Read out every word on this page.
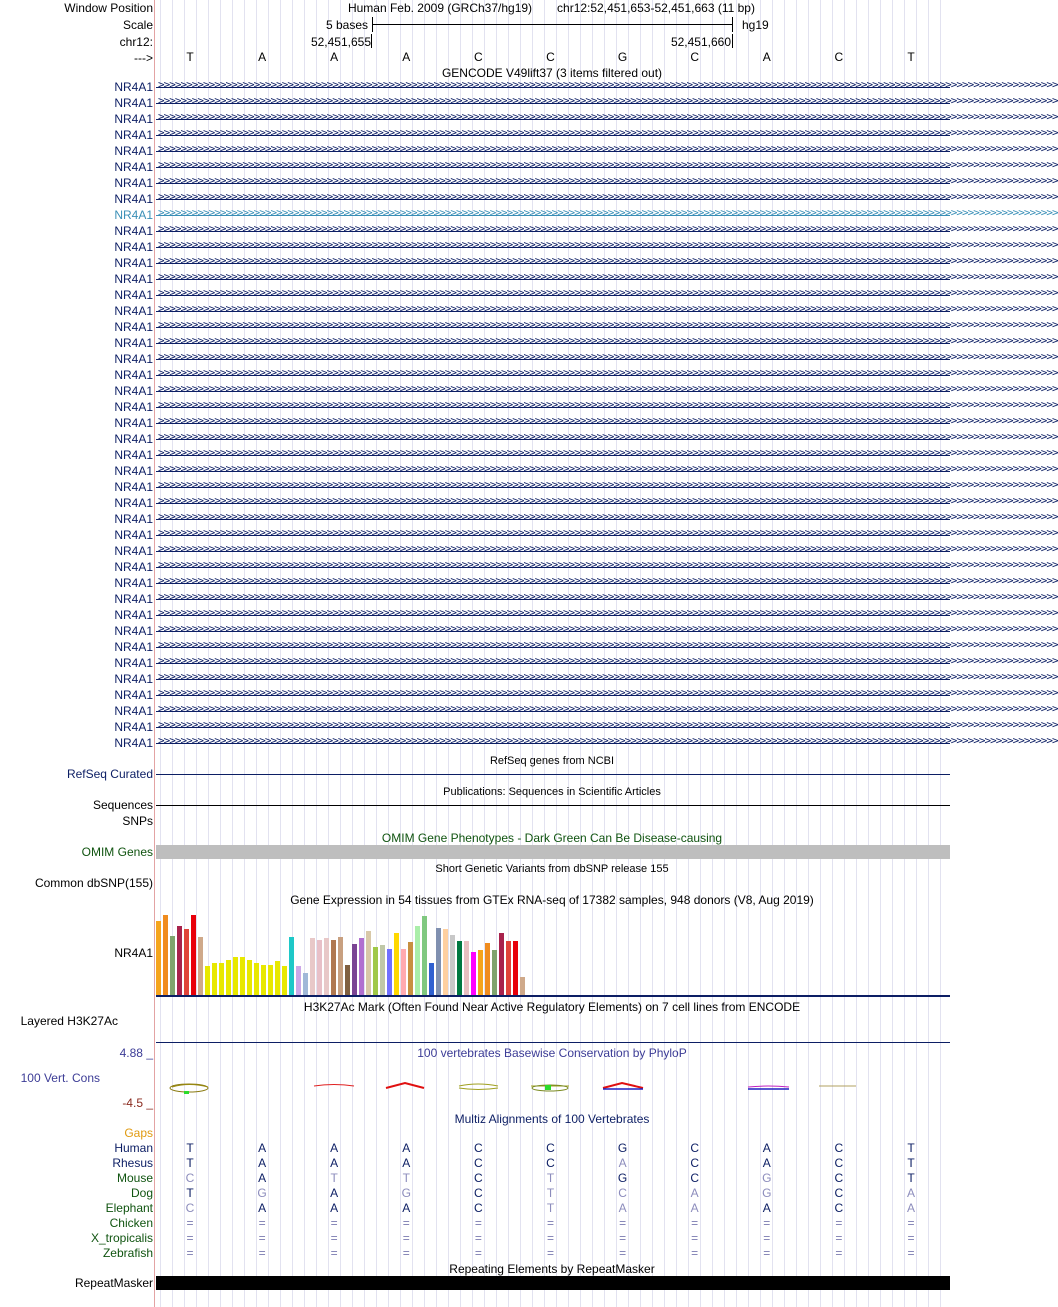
Window Position
Scale
chr12:
--->
Human Feb. 2009 (GRCh37/hg19) chr12:52,451,653-52,451,663 (11 bp)
5 bases	hg19
52,451,655	52,451,660
T	A	A	A	C	C	G	C	A	C	T
GENCODE V49lift37 (3 items filtered out)
NR4A1 >>>>>>>>>>>>>>>>>>>>>>>>>>>>>>>>>>>>>>>>>>>>>>>>>>>>>>>>>>>>>>>>>>>>>>>>>>>>>>>>>>>>>>>>>>>>>>>>>>>>>>>>>>>>>>>>>>>>>>>>>>>>>>>>>>>>>>>>>>>>>>>>>>>>>>>>>>>>>>>>
NR4A1 >>>>>>>>>>>>>>>>>>>>>>>>>>>>>>>>>>>>>>>>>>>>>>>>>>>>>>>>>>>>>>>>>>>>>>>>>>>>>>>>>>>>>>>>>>>>>>>>>>>>>>>>>>>>>>>>>>>>>>>>>>>>>>>>>>>>>>>>>>>>>>>>>>>>>>>>>>>>>>>>
NR4A1 >>>>>>>>>>>>>>>>>>>>>>>>>>>>>>>>>>>>>>>>>>>>>>>>>>>>>>>>>>>>>>>>>>>>>>>>>>>>>>>>>>>>>>>>>>>>>>>>>>>>>>>>>>>>>>>>>>>>>>>>>>>>>>>>>>>>>>>>>>>>>>>>>>>>>>>>>>>>>>>>
NR4A1 >>>>>>>>>>>>>>>>>>>>>>>>>>>>>>>>>>>>>>>>>>>>>>>>>>>>>>>>>>>>>>>>>>>>>>>>>>>>>>>>>>>>>>>>>>>>>>>>>>>>>>>>>>>>>>>>>>>>>>>>>>>>>>>>>>>>>>>>>>>>>>>>>>>>>>>>>>>>>>>>
NR4A1 >>>>>>>>>>>>>>>>>>>>>>>>>>>>>>>>>>>>>>>>>>>>>>>>>>>>>>>>>>>>>>>>>>>>>>>>>>>>>>>>>>>>>>>>>>>>>>>>>>>>>>>>>>>>>>>>>>>>>>>>>>>>>>>>>>>>>>>>>>>>>>>>>>>>>>>>>>>>>>>>
NR4A1 >>>>>>>>>>>>>>>>>>>>>>>>>>>>>>>>>>>>>>>>>>>>>>>>>>>>>>>>>>>>>>>>>>>>>>>>>>>>>>>>>>>>>>>>>>>>>>>>>>>>>>>>>>>>>>>>>>>>>>>>>>>>>>>>>>>>>>>>>>>>>>>>>>>>>>>>>>>>>>>>
NR4A1 >>>>>>>>>>>>>>>>>>>>>>>>>>>>>>>>>>>>>>>>>>>>>>>>>>>>>>>>>>>>>>>>>>>>>>>>>>>>>>>>>>>>>>>>>>>>>>>>>>>>>>>>>>>>>>>>>>>>>>>>>>>>>>>>>>>>>>>>>>>>>>>>>>>>>>>>>>>>>>>>
NR4A1 >>>>>>>>>>>>>>>>>>>>>>>>>>>>>>>>>>>>>>>>>>>>>>>>>>>>>>>>>>>>>>>>>>>>>>>>>>>>>>>>>>>>>>>>>>>>>>>>>>>>>>>>>>>>>>>>>>>>>>>>>>>>>>>>>>>>>>>>>>>>>>>>>>>>>>>>>>>>>>>>
NR4A1 >>>>>>>>>>>>>>>>>>>>>>>>>>>>>>>>>>>>>>>>>>>>>>>>>>>>>>>>>>>>>>>>>>>>>>>>>>>>>>>>>>>>>>>>>>>>>>>>>>>>>>>>>>>>>>>>>>>>>>>>>>>>>>>>>>>>>>>>>>>>>>>>>>>>>>>>>>>>>>>>
NR4A1 >>>>>>>>>>>>>>>>>>>>>>>>>>>>>>>>>>>>>>>>>>>>>>>>>>>>>>>>>>>>>>>>>>>>>>>>>>>>>>>>>>>>>>>>>>>>>>>>>>>>>>>>>>>>>>>>>>>>>>>>>>>>>>>>>>>>>>>>>>>>>>>>>>>>>>>>>>>>>>>>
NR4A1 >>>>>>>>>>>>>>>>>>>>>>>>>>>>>>>>>>>>>>>>>>>>>>>>>>>>>>>>>>>>>>>>>>>>>>>>>>>>>>>>>>>>>>>>>>>>>>>>>>>>>>>>>>>>>>>>>>>>>>>>>>>>>>>>>>>>>>>>>>>>>>>>>>>>>>>>>>>>>>>>
NR4A1 >>>>>>>>>>>>>>>>>>>>>>>>>>>>>>>>>>>>>>>>>>>>>>>>>>>>>>>>>>>>>>>>>>>>>>>>>>>>>>>>>>>>>>>>>>>>>>>>>>>>>>>>>>>>>>>>>>>>>>>>>>>>>>>>>>>>>>>>>>>>>>>>>>>>>>>>>>>>>>>>
NR4A1 >>>>>>>>>>>>>>>>>>>>>>>>>>>>>>>>>>>>>>>>>>>>>>>>>>>>>>>>>>>>>>>>>>>>>>>>>>>>>>>>>>>>>>>>>>>>>>>>>>>>>>>>>>>>>>>>>>>>>>>>>>>>>>>>>>>>>>>>>>>>>>>>>>>>>>>>>>>>>>>>
NR4A1 >>>>>>>>>>>>>>>>>>>>>>>>>>>>>>>>>>>>>>>>>>>>>>>>>>>>>>>>>>>>>>>>>>>>>>>>>>>>>>>>>>>>>>>>>>>>>>>>>>>>>>>>>>>>>>>>>>>>>>>>>>>>>>>>>>>>>>>>>>>>>>>>>>>>>>>>>>>>>>>>
NR4A1 >>>>>>>>>>>>>>>>>>>>>>>>>>>>>>>>>>>>>>>>>>>>>>>>>>>>>>>>>>>>>>>>>>>>>>>>>>>>>>>>>>>>>>>>>>>>>>>>>>>>>>>>>>>>>>>>>>>>>>>>>>>>>>>>>>>>>>>>>>>>>>>>>>>>>>>>>>>>>>>>
NR4A1 >>>>>>>>>>>>>>>>>>>>>>>>>>>>>>>>>>>>>>>>>>>>>>>>>>>>>>>>>>>>>>>>>>>>>>>>>>>>>>>>>>>>>>>>>>>>>>>>>>>>>>>>>>>>>>>>>>>>>>>>>>>>>>>>>>>>>>>>>>>>>>>>>>>>>>>>>>>>>>>>
NR4A1 >>>>>>>>>>>>>>>>>>>>>>>>>>>>>>>>>>>>>>>>>>>>>>>>>>>>>>>>>>>>>>>>>>>>>>>>>>>>>>>>>>>>>>>>>>>>>>>>>>>>>>>>>>>>>>>>>>>>>>>>>>>>>>>>>>>>>>>>>>>>>>>>>>>>>>>>>>>>>>>>
NR4A1 >>>>>>>>>>>>>>>>>>>>>>>>>>>>>>>>>>>>>>>>>>>>>>>>>>>>>>>>>>>>>>>>>>>>>>>>>>>>>>>>>>>>>>>>>>>>>>>>>>>>>>>>>>>>>>>>>>>>>>>>>>>>>>>>>>>>>>>>>>>>>>>>>>>>>>>>>>>>>>>>
NR4A1 >>>>>>>>>>>>>>>>>>>>>>>>>>>>>>>>>>>>>>>>>>>>>>>>>>>>>>>>>>>>>>>>>>>>>>>>>>>>>>>>>>>>>>>>>>>>>>>>>>>>>>>>>>>>>>>>>>>>>>>>>>>>>>>>>>>>>>>>>>>>>>>>>>>>>>>>>>>>>>>>
NR4A1 >>>>>>>>>>>>>>>>>>>>>>>>>>>>>>>>>>>>>>>>>>>>>>>>>>>>>>>>>>>>>>>>>>>>>>>>>>>>>>>>>>>>>>>>>>>>>>>>>>>>>>>>>>>>>>>>>>>>>>>>>>>>>>>>>>>>>>>>>>>>>>>>>>>>>>>>>>>>>>>>
NR4A1 >>>>>>>>>>>>>>>>>>>>>>>>>>>>>>>>>>>>>>>>>>>>>>>>>>>>>>>>>>>>>>>>>>>>>>>>>>>>>>>>>>>>>>>>>>>>>>>>>>>>>>>>>>>>>>>>>>>>>>>>>>>>>>>>>>>>>>>>>>>>>>>>>>>>>>>>>>>>>>>>
NR4A1 >>>>>>>>>>>>>>>>>>>>>>>>>>>>>>>>>>>>>>>>>>>>>>>>>>>>>>>>>>>>>>>>>>>>>>>>>>>>>>>>>>>>>>>>>>>>>>>>>>>>>>>>>>>>>>>>>>>>>>>>>>>>>>>>>>>>>>>>>>>>>>>>>>>>>>>>>>>>>>>>
NR4A1 >>>>>>>>>>>>>>>>>>>>>>>>>>>>>>>>>>>>>>>>>>>>>>>>>>>>>>>>>>>>>>>>>>>>>>>>>>>>>>>>>>>>>>>>>>>>>>>>>>>>>>>>>>>>>>>>>>>>>>>>>>>>>>>>>>>>>>>>>>>>>>>>>>>>>>>>>>>>>>>>
NR4A1 >>>>>>>>>>>>>>>>>>>>>>>>>>>>>>>>>>>>>>>>>>>>>>>>>>>>>>>>>>>>>>>>>>>>>>>>>>>>>>>>>>>>>>>>>>>>>>>>>>>>>>>>>>>>>>>>>>>>>>>>>>>>>>>>>>>>>>>>>>>>>>>>>>>>>>>>>>>>>>>>
NR4A1 >>>>>>>>>>>>>>>>>>>>>>>>>>>>>>>>>>>>>>>>>>>>>>>>>>>>>>>>>>>>>>>>>>>>>>>>>>>>>>>>>>>>>>>>>>>>>>>>>>>>>>>>>>>>>>>>>>>>>>>>>>>>>>>>>>>>>>>>>>>>>>>>>>>>>>>>>>>>>>>>
NR4A1 >>>>>>>>>>>>>>>>>>>>>>>>>>>>>>>>>>>>>>>>>>>>>>>>>>>>>>>>>>>>>>>>>>>>>>>>>>>>>>>>>>>>>>>>>>>>>>>>>>>>>>>>>>>>>>>>>>>>>>>>>>>>>>>>>>>>>>>>>>>>>>>>>>>>>>>>>>>>>>>>
NR4A1 >>>>>>>>>>>>>>>>>>>>>>>>>>>>>>>>>>>>>>>>>>>>>>>>>>>>>>>>>>>>>>>>>>>>>>>>>>>>>>>>>>>>>>>>>>>>>>>>>>>>>>>>>>>>>>>>>>>>>>>>>>>>>>>>>>>>>>>>>>>>>>>>>>>>>>>>>>>>>>>>
NR4A1 >>>>>>>>>>>>>>>>>>>>>>>>>>>>>>>>>>>>>>>>>>>>>>>>>>>>>>>>>>>>>>>>>>>>>>>>>>>>>>>>>>>>>>>>>>>>>>>>>>>>>>>>>>>>>>>>>>>>>>>>>>>>>>>>>>>>>>>>>>>>>>>>>>>>>>>>>>>>>>>>
NR4A1 >>>>>>>>>>>>>>>>>>>>>>>>>>>>>>>>>>>>>>>>>>>>>>>>>>>>>>>>>>>>>>>>>>>>>>>>>>>>>>>>>>>>>>>>>>>>>>>>>>>>>>>>>>>>>>>>>>>>>>>>>>>>>>>>>>>>>>>>>>>>>>>>>>>>>>>>>>>>>>>>
NR4A1 >>>>>>>>>>>>>>>>>>>>>>>>>>>>>>>>>>>>>>>>>>>>>>>>>>>>>>>>>>>>>>>>>>>>>>>>>>>>>>>>>>>>>>>>>>>>>>>>>>>>>>>>>>>>>>>>>>>>>>>>>>>>>>>>>>>>>>>>>>>>>>>>>>>>>>>>>>>>>>>>
NR4A1 >>>>>>>>>>>>>>>>>>>>>>>>>>>>>>>>>>>>>>>>>>>>>>>>>>>>>>>>>>>>>>>>>>>>>>>>>>>>>>>>>>>>>>>>>>>>>>>>>>>>>>>>>>>>>>>>>>>>>>>>>>>>>>>>>>>>>>>>>>>>>>>>>>>>>>>>>>>>>>>>
NR4A1 >>>>>>>>>>>>>>>>>>>>>>>>>>>>>>>>>>>>>>>>>>>>>>>>>>>>>>>>>>>>>>>>>>>>>>>>>>>>>>>>>>>>>>>>>>>>>>>>>>>>>>>>>>>>>>>>>>>>>>>>>>>>>>>>>>>>>>>>>>>>>>>>>>>>>>>>>>>>>>>>
NR4A1 >>>>>>>>>>>>>>>>>>>>>>>>>>>>>>>>>>>>>>>>>>>>>>>>>>>>>>>>>>>>>>>>>>>>>>>>>>>>>>>>>>>>>>>>>>>>>>>>>>>>>>>>>>>>>>>>>>>>>>>>>>>>>>>>>>>>>>>>>>>>>>>>>>>>>>>>>>>>>>>>
NR4A1 >>>>>>>>>>>>>>>>>>>>>>>>>>>>>>>>>>>>>>>>>>>>>>>>>>>>>>>>>>>>>>>>>>>>>>>>>>>>>>>>>>>>>>>>>>>>>>>>>>>>>>>>>>>>>>>>>>>>>>>>>>>>>>>>>>>>>>>>>>>>>>>>>>>>>>>>>>>>>>>>
NR4A1 >>>>>>>>>>>>>>>>>>>>>>>>>>>>>>>>>>>>>>>>>>>>>>>>>>>>>>>>>>>>>>>>>>>>>>>>>>>>>>>>>>>>>>>>>>>>>>>>>>>>>>>>>>>>>>>>>>>>>>>>>>>>>>>>>>>>>>>>>>>>>>>>>>>>>>>>>>>>>>>>
NR4A1 >>>>>>>>>>>>>>>>>>>>>>>>>>>>>>>>>>>>>>>>>>>>>>>>>>>>>>>>>>>>>>>>>>>>>>>>>>>>>>>>>>>>>>>>>>>>>>>>>>>>>>>>>>>>>>>>>>>>>>>>>>>>>>>>>>>>>>>>>>>>>>>>>>>>>>>>>>>>>>>>
NR4A1 >>>>>>>>>>>>>>>>>>>>>>>>>>>>>>>>>>>>>>>>>>>>>>>>>>>>>>>>>>>>>>>>>>>>>>>>>>>>>>>>>>>>>>>>>>>>>>>>>>>>>>>>>>>>>>>>>>>>>>>>>>>>>>>>>>>>>>>>>>>>>>>>>>>>>>>>>>>>>>>>
NR4A1 >>>>>>>>>>>>>>>>>>>>>>>>>>>>>>>>>>>>>>>>>>>>>>>>>>>>>>>>>>>>>>>>>>>>>>>>>>>>>>>>>>>>>>>>>>>>>>>>>>>>>>>>>>>>>>>>>>>>>>>>>>>>>>>>>>>>>>>>>>>>>>>>>>>>>>>>>>>>>>>>
NR4A1 >>>>>>>>>>>>>>>>>>>>>>>>>>>>>>>>>>>>>>>>>>>>>>>>>>>>>>>>>>>>>>>>>>>>>>>>>>>>>>>>>>>>>>>>>>>>>>>>>>>>>>>>>>>>>>>>>>>>>>>>>>>>>>>>>>>>>>>>>>>>>>>>>>>>>>>>>>>>>>>>
NR4A1 >>>>>>>>>>>>>>>>>>>>>>>>>>>>>>>>>>>>>>>>>>>>>>>>>>>>>>>>>>>>>>>>>>>>>>>>>>>>>>>>>>>>>>>>>>>>>>>>>>>>>>>>>>>>>>>>>>>>>>>>>>>>>>>>>>>>>>>>>>>>>>>>>>>>>>>>>>>>>>>>
NR4A1 >>>>>>>>>>>>>>>>>>>>>>>>>>>>>>>>>>>>>>>>>>>>>>>>>>>>>>>>>>>>>>>>>>>>>>>>>>>>>>>>>>>>>>>>>>>>>>>>>>>>>>>>>>>>>>>>>>>>>>>>>>>>>>>>>>>>>>>>>>>>>>>>>>>>>>>>>>>>>>>>
NR4A1 >>>>>>>>>>>>>>>>>>>>>>>>>>>>>>>>>>>>>>>>>>>>>>>>>>>>>>>>>>>>>>>>>>>>>>>>>>>>>>>>>>>>>>>>>>>>>>>>>>>>>>>>>>>>>>>>>>>>>>>>>>>>>>>>>>>>>>>>>>>>>>>>>>>>>>>>>>>>>>>>
RefSeq genes from NCBI
RefSeq Curated
Publications: Sequences in Scientific Articles
Sequences
SNPs
OMIM Gene Phenotypes - Dark Green Can Be Disease-causing
OMIM Genes
Short Genetic Variants from dbSNP release 155
Common dbSNP(155)
Gene Expression in 54 tissues from GTEx RNA-seq of 17382 samples, 948 donors (V8, Aug 2019)
NR4A1
H3K27Ac Mark (Often Found Near Active Regulatory Elements) on 7 cell lines from ENCODE
Layered H3K27Ac
100 vertebrates Basewise Conservation by PhyloP
4.88 _
100 Vert. Cons
-4.5 _
Multiz Alignments of 100 Vertebrates
Gaps
Human	T	A	A	A	C	C	G	C	A	C	T
Rhesus	T	A	A	A	C	C	A	C	A	C	T
Mouse	C	A	T	T	C	T	G	C	G	C	T
Dog	T	G	A	G	C	T	C	A	G	C	A
Elephant	C	A	A	A	C	T	A	A	A	C	A
Chicken	=	=	=	=	=	=	=	=	=	=	=
X_tropicalis	=	=	=	=	=	=	=	=	=	=	=
Zebrafish	=	=	=	=	=	=	=	=	=	=	=
Repeating Elements by RepeatMasker
RepeatMasker
